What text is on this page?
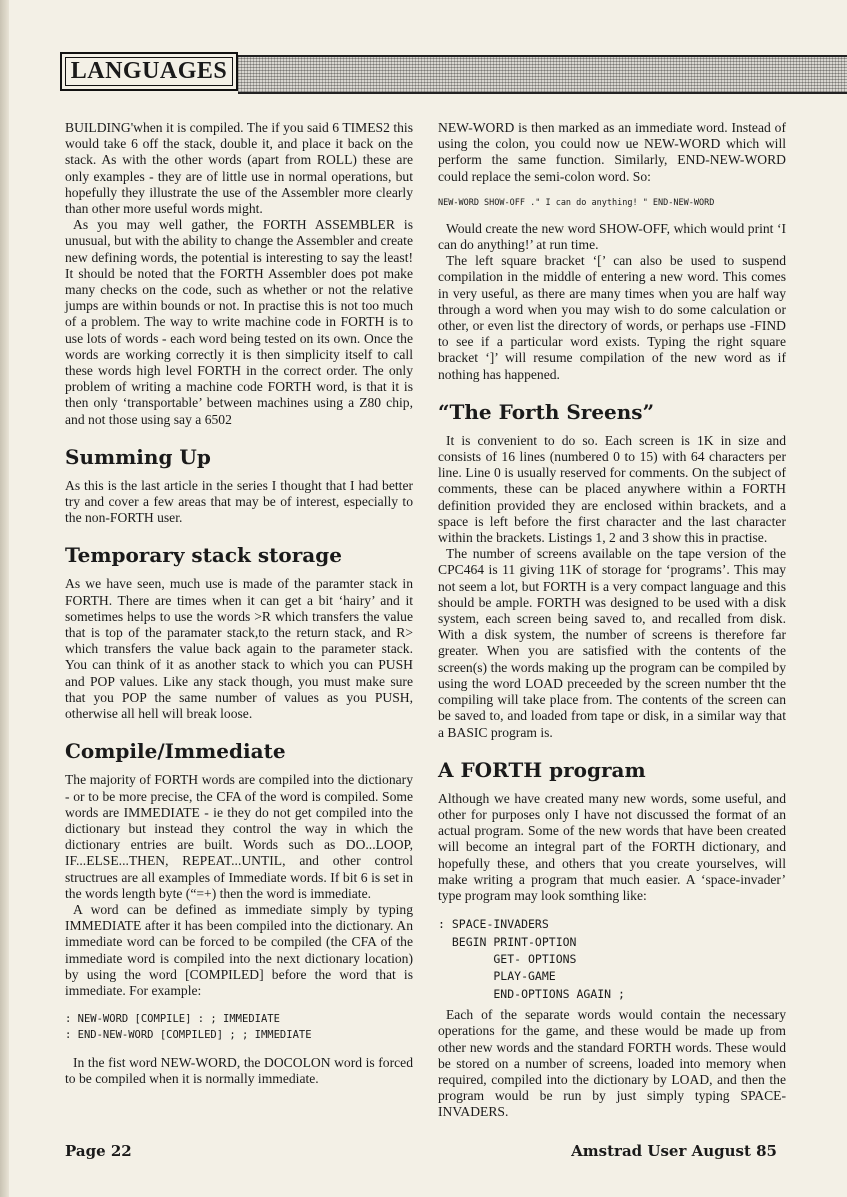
LANGUAGES

BUILDING'when it is compiled. The if you said 6 TIMES2 this would take 6 off the stack, double it, and place it back on the stack. As with the other words (apart from ROLL) these are only examples - they are of little use in normal operations, but hopefully they illustrate the use of the Assembler more clearly than other more useful words might.

As you may well gather, the FORTH ASSEMBLER is unusual, but with the ability to change the Assembler and create new defining words, the potential is interesting to say the least! It should be noted that the FORTH Assembler does pot make many checks on the code, such as whether or not the relative jumps are within bounds or not. In practise this is not too much of a problem. The way to write machine code in FORTH is to use lots of words - each word being tested on its own. Once the words are working correctly it is then simplicity itself to call these words high level FORTH in the correct order. The only problem of writing a machine code FORTH word, is that it is then only ‘transportable’ between machines using a Z80 chip, and not those using say a 6502

Summing Up

As this is the last article in the series I thought that I had better try and cover a few areas that may be of interest, especially to the non-FORTH user.

Temporary stack storage

As we have seen, much use is made of the paramter stack in FORTH. There are times when it can get a bit ‘hairy’ and it sometimes helps to use the words >R which transfers the value that is top of the paramater stack,to the return stack, and R> which transfers the value back again to the parameter stack. You can think of it as another stack to which you can PUSH and POP values. Like any stack though, you must make sure that you POP the same number of values as you PUSH, otherwise all hell will break loose.

Compile/Immediate

The majority of FORTH words are compiled into the dictionary - or to be more precise, the CFA of the word is compiled. Some words are IMMEDIATE - ie they do not get compiled into the dictionary but instead they control the way in which the dictionary entries are built. Words such as DO...LOOP, IF...ELSE...THEN, REPEAT...UNTIL, and other control structrues are all examples of Immediate words. If bit 6 is set in the words length byte (“=+) then the word is immediate.

A word can be defined as immediate simply by typing IMMEDIATE after it has been compiled into the dictionary. An immediate word can be forced to be compiled (the CFA of the immediate word is compiled into the next dictionary location) by using the word [COMPILED] before the word that is immediate. For example:

: NEW-WORD [COMPILE] : ; IMMEDIATE
: END-NEW-WORD [COMPILED] ; ; IMMEDIATE

In the fist word NEW-WORD, the DOCOLON word is forced to be compiled when it is normally immediate.

NEW-WORD is then marked as an immediate word. Instead of using the colon, you could now ue NEW-WORD which will perform the same function. Similarly, END-NEW-WORD could replace the semi-colon word. So:

NEW-WORD SHOW-OFF ." I can do anything! " END-NEW-WORD

Would create the new word SHOW-OFF, which would print ‘I can do anything!’ at run time.

The left square bracket ‘[’ can also be used to suspend compilation in the middle of entering a new word. This comes in very useful, as there are many times when you are half way through a word when you may wish to do some calculation or other, or even list the directory of words, or perhaps use -FIND to see if a particular word exists. Typing the right square bracket ‘]’ will resume compilation of the new word as if nothing has happened.

“The Forth Sreens”

It is convenient to do so. Each screen is 1K in size and consists of 16 lines (numbered 0 to 15) with 64 characters per line. Line 0 is usually reserved for comments. On the subject of comments, these can be placed anywhere within a FORTH definition provided they are enclosed within brackets, and a space is left before the first character and the last character within the brackets. Listings 1, 2 and 3 show this in practise.

The number of screens available on the tape version of the CPC464 is 11 giving 11K of storage for ‘programs’. This may not seem a lot, but FORTH is a very compact language and this should be ample. FORTH was designed to be used with a disk system, each screen being saved to, and recalled from disk. With a disk system, the number of screens is therefore far greater. When you are satisfied with the contents of the screen(s) the words making up the program can be compiled by using the word LOAD preceeded by the screen number tht the compiling will take place from. The contents of the screen can be saved to, and loaded from tape or disk, in a similar way that a BASIC program is.

A FORTH program

Although we have created many new words, some useful, and other for purposes only I have not discussed the format of an actual program. Some of the new words that have been created will become an integral part of the FORTH dictionary, and hopefully these, and others that you create yourselves, will make writing a program that much easier. A ‘space-invader’ type program may look somthing like:

: SPACE-INVADERS
BEGIN PRINT-OPTION
GET- OPTIONS
PLAY-GAME
END-OPTIONS AGAIN ;

Each of the separate words would contain the necessary operations for the game, and these would be made up from other new words and the standard FORTH words. These would be stored on a number of screens, loaded into memory when required, compiled into the dictionary by LOAD, and then the program would be run by just simply typing SPACE-INVADERS.

Page 22	Amstrad User August 85
